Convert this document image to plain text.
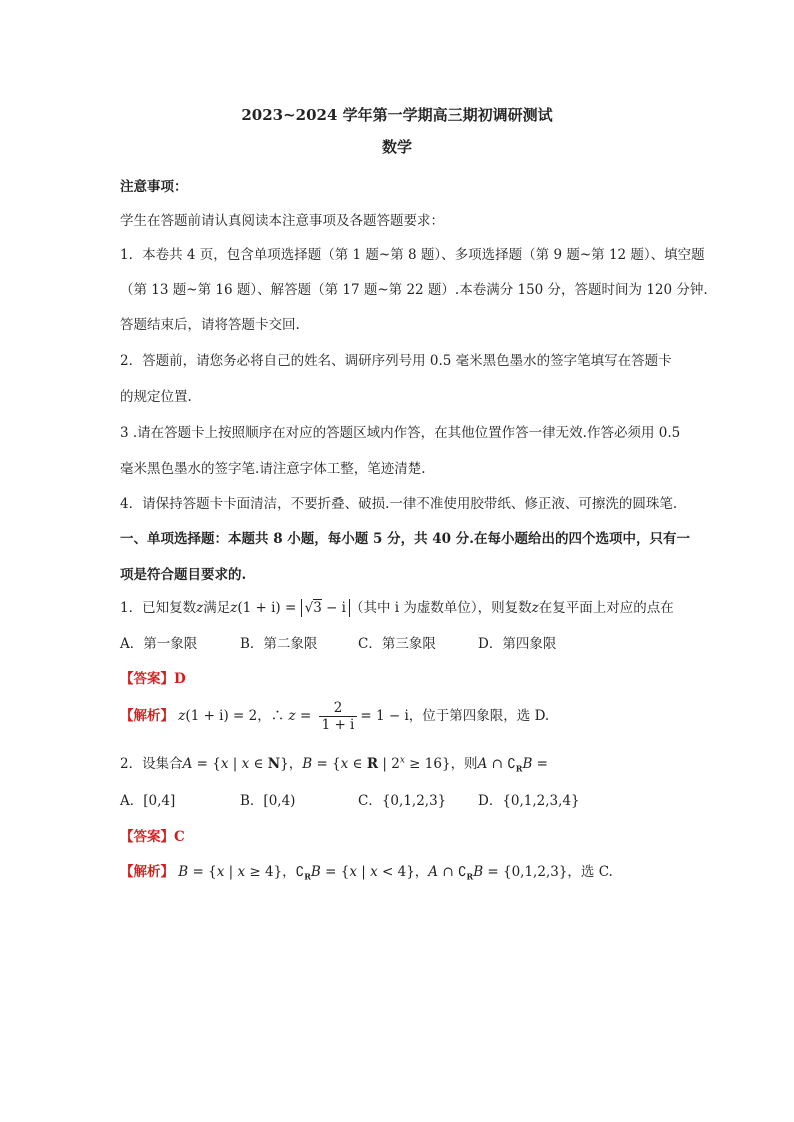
2023~2024 学年第一学期高三期初调研测试
数学
注意事项：
学生在答题前请认真阅读本注意事项及各题答题要求：
1．本卷共 4 页，包含单项选择题（第 1 题~第 8 题）、多项选择题（第 9 题~第 12 题）、填空题
（第 13 题~第 16 题）、解答题（第 17 题~第 22 题）.本卷满分 150 分，答题时间为 120 分钟.
答题结束后，请将答题卡交回.
2．答题前，请您务必将自己的姓名、调研序列号用 0.5 毫米黑色墨水的签字笔填写在答题卡
的规定位置.
3 .请在答题卡上按照顺序在对应的答题区域内作答，在其他位置作答一律无效.作答必须用 0.5
毫米黑色墨水的签字笔.请注意字体工整，笔迹清楚.
4．请保持答题卡卡面清洁，不要折叠、破损.一律不准使用胶带纸、修正液、可擦洗的圆珠笔.
一、单项选择题：本题共 8 小题，每小题 5 分，共 40 分.在每小题给出的四个选项中，只有一
项是符合题目要求的.
1．已知复数z满足z(1 + i) = √3 − i （其中 i 为虚数单位），则复数z在复平面上对应的点在
A．第一象限	B．第二象限	C．第三象限	D．第四象限
【答案】D
【解析】 z(1 + i) = 2，∴ $z = \frac{2}{1 + i} = 1 - i$，位于第四象限，选 D.
2．设集合A = {x | x ∈ N}，B = {x ∈ R | $2^x \ge 16$}，则A ∩ $∁_RB$ =
A．[0,4]	B．[0,4)	C．{0,1,2,3} D．{0,1,2,3,4}
【答案】C
【解析】 B = {x | x ≥ 4}，$∁_RB = \{x$ | x < 4}，A ∩ $∁_RB = \{0,1,2,3\}$，选 C.
